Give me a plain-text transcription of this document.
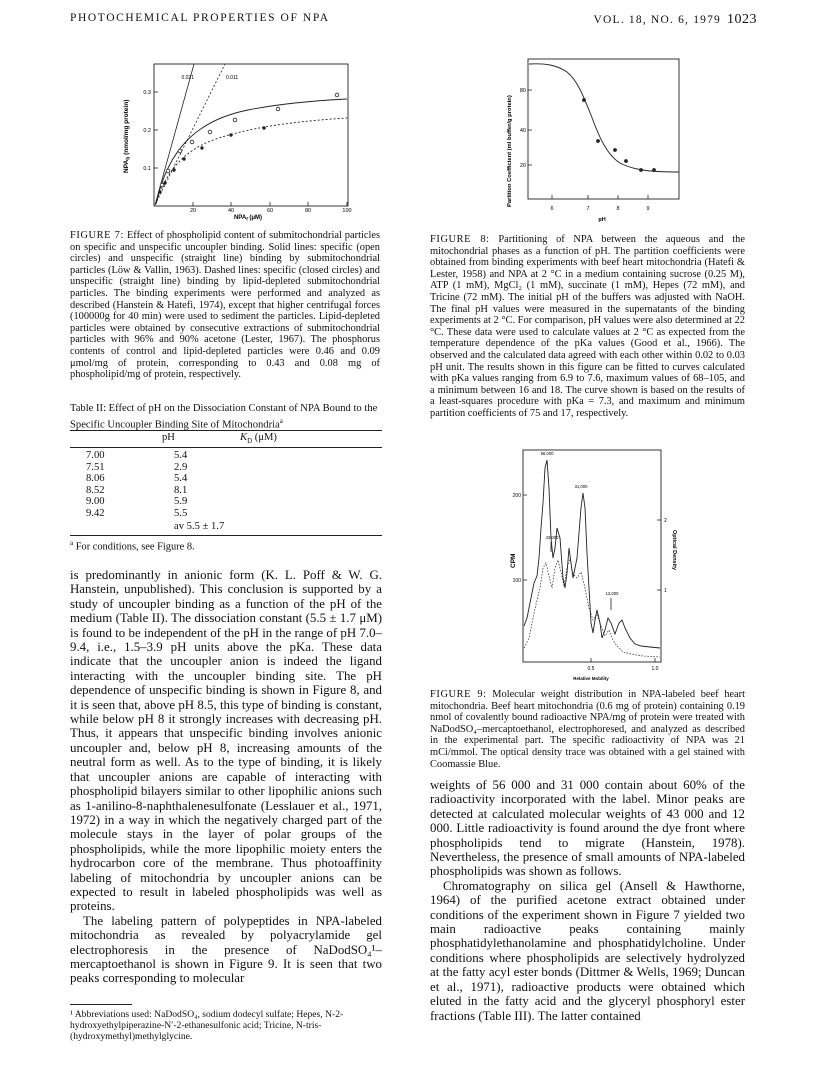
PHOTOCHEMICAL PROPERTIES OF NPA	VOL. 18, NO. 6, 1979 1023
$NPA_b$ (nmol/mg protein)
0.3
0.2
0.1
20	40	60	80	100
0.021	0.011
$NPA_f$ (μM)
FIGURE 7: Effect of phospholipid content of submitochondrial particles on specific and unspecific uncoupler binding. Solid lines: specific (open circles) and unspecific (straight line) binding by submitochondrial particles (Löw & Vallin, 1963). Dashed lines: specific (closed circles) and unspecific (straight line) binding by lipid-depleted submitochondrial particles. The binding experiments were performed and analyzed as described (Hanstein & Hatefi, 1974), except that higher centrifugal forces (100000g for 40 min) were used to sediment the particles. Lipid-depleted particles were obtained by consecutive extractions of submitochondrial particles with 96% and 90% acetone (Lester, 1967). The phosphorus contents of control and lipid-depleted particles were 0.46 and 0.09 μmol/mg of protein, corresponding to 0.43 and 0.08 mg of phospholipid/mg of protein, respectively.
Table II: Effect of pH on the Dissociation Constant of NPA Bound to the Specific Uncoupler Binding Site of Mitochondria$^a$
pH	$K_D$ (μM)
7.00	5.4
7.51	2.9
8.06	5.4
8.52	8.1
9.00	5.9
9.42	5.5
av 5.5 ± 1.7
$^a$ For conditions, see Figure 8.

is predominantly in anionic form (K. L. Poff & W. G. Hanstein, unpublished). This conclusion is supported by a study of uncoupler binding as a function of the pH of the medium (Table II). The dissociation constant (5.5 ± 1.7 μM) is found to be independent of the pH in the range of pH 7.0–9.4, i.e., 1.5–3.9 pH units above the pKa. These data indicate that the uncoupler anion is indeed the ligand interacting with the uncoupler binding site. The pH dependence of unspecific binding is shown in Figure 8, and it is seen that, above pH 8.5, this type of binding is constant, while below pH 8 it strongly increases with decreasing pH. Thus, it appears that unspecific binding involves anionic uncoupler and, below pH 8, increasing amounts of the neutral form as well. As to the type of binding, it is likely that uncoupler anions are capable of interacting with phospholipid bilayers similar to other lipophilic anions such as 1-anilino-8-naphthalenesulfonate (Lesslauer et al., 1971, 1972) in a way in which the negatively charged part of the molecule stays in the layer of polar groups of the phospholipids, while the more lipophilic moiety enters the hydrocarbon core of the membrane. Thus photoaffinity labeling of mitochondria by uncoupler anions can be expected to result in labeled phospholipids was well as proteins.

The labeling pattern of polypeptides in NPA-labeled mitochondria as revealed by polyacrylamide gel electrophoresis in the presence of NaDodSO₄¹–mercaptoethanol is shown in Figure 9. It is seen that two peaks corresponding to molecular

¹ Abbreviations used: NaDodSO₄, sodium dodecyl sulfate; Hepes, N-2-hydroxyethylpiperazine-N′-2-ethanesulfonic acid; Tricine, N-tris-(hydroxymethyl)methylglycine.
Partition Coefficient (ml buffer/g protein)
80
40
20
6	7	8	9
pH
FIGURE 8: Partitioning of NPA between the aqueous and the mitochondrial phases as a function of pH. The partition coefficients were obtained from binding experiments with beef heart mitochondria (Hatefi & Lester, 1958) and NPA at 2 °C in a medium containing sucrose (0.25 M), ATP (1 mM), MgCl₂ (1 mM), succinate (1 mM), Hepes (72 mM), and Tricine (72 mM). The initial pH of the buffers was adjusted with NaOH. The final pH values were measured in the supernatants of the binding experiments at 2 °C. For comparison, pH values were also determined at 22 °C. These data were used to calculate values at 2 °C as expected from the temperature dependence of the pKa values (Good et al., 1966). The observed and the calculated data agreed with each other within 0.02 to 0.03 pH unit. The results shown in this figure can be fitted to curves calculated with pKa values ranging from 6.9 to 7.6, maximum values of 68–105, and a minimum between 16 and 18. The curve shown is based on the results of a least-squares procedure with pKa = 7.3, and maximum and minimum partition coefficients of 75 and 17, respectively.
CPM	Optical Density
200
100
2
1
0.5	1.0
56,000
31,000
43,000
12,000
Relative Mobility
FIGURE 9: Molecular weight distribution in NPA-labeled beef heart mitochondria. Beef heart mitochondria (0.6 mg of protein) containing 0.19 nmol of covalently bound radioactive NPA/mg of protein were treated with NaDodSO₄–mercaptoethanol, electrophoresed, and analyzed as described in the experimental part. The specific radioactivity of NPA was 21 mCi/mmol. The optical density trace was obtained with a gel stained with Coomassie Blue.

weights of 56 000 and 31 000 contain about 60% of the radioactivity incorporated with the label. Minor peaks are detected at calculated molecular weights of 43 000 and 12 000. Little radioactivity is found around the dye front where phospholipids tend to migrate (Hanstein, 1978). Nevertheless, the presence of small amounts of NPA-labeled phospholipids was shown as follows.

Chromatography on silica gel (Ansell & Hawthorne, 1964) of the purified acetone extract obtained under conditions of the experiment shown in Figure 7 yielded two main radioactive peaks containing mainly phosphatidylethanolamine and phosphatidylcholine. Under conditions where phospholipids are selectively hydrolyzed at the fatty acyl ester bonds (Dittmer & Wells, 1969; Duncan et al., 1971), radioactive products were obtained which eluted in the fatty acid and the glyceryl phosphoryl ester fractions (Table III). The latter contained
